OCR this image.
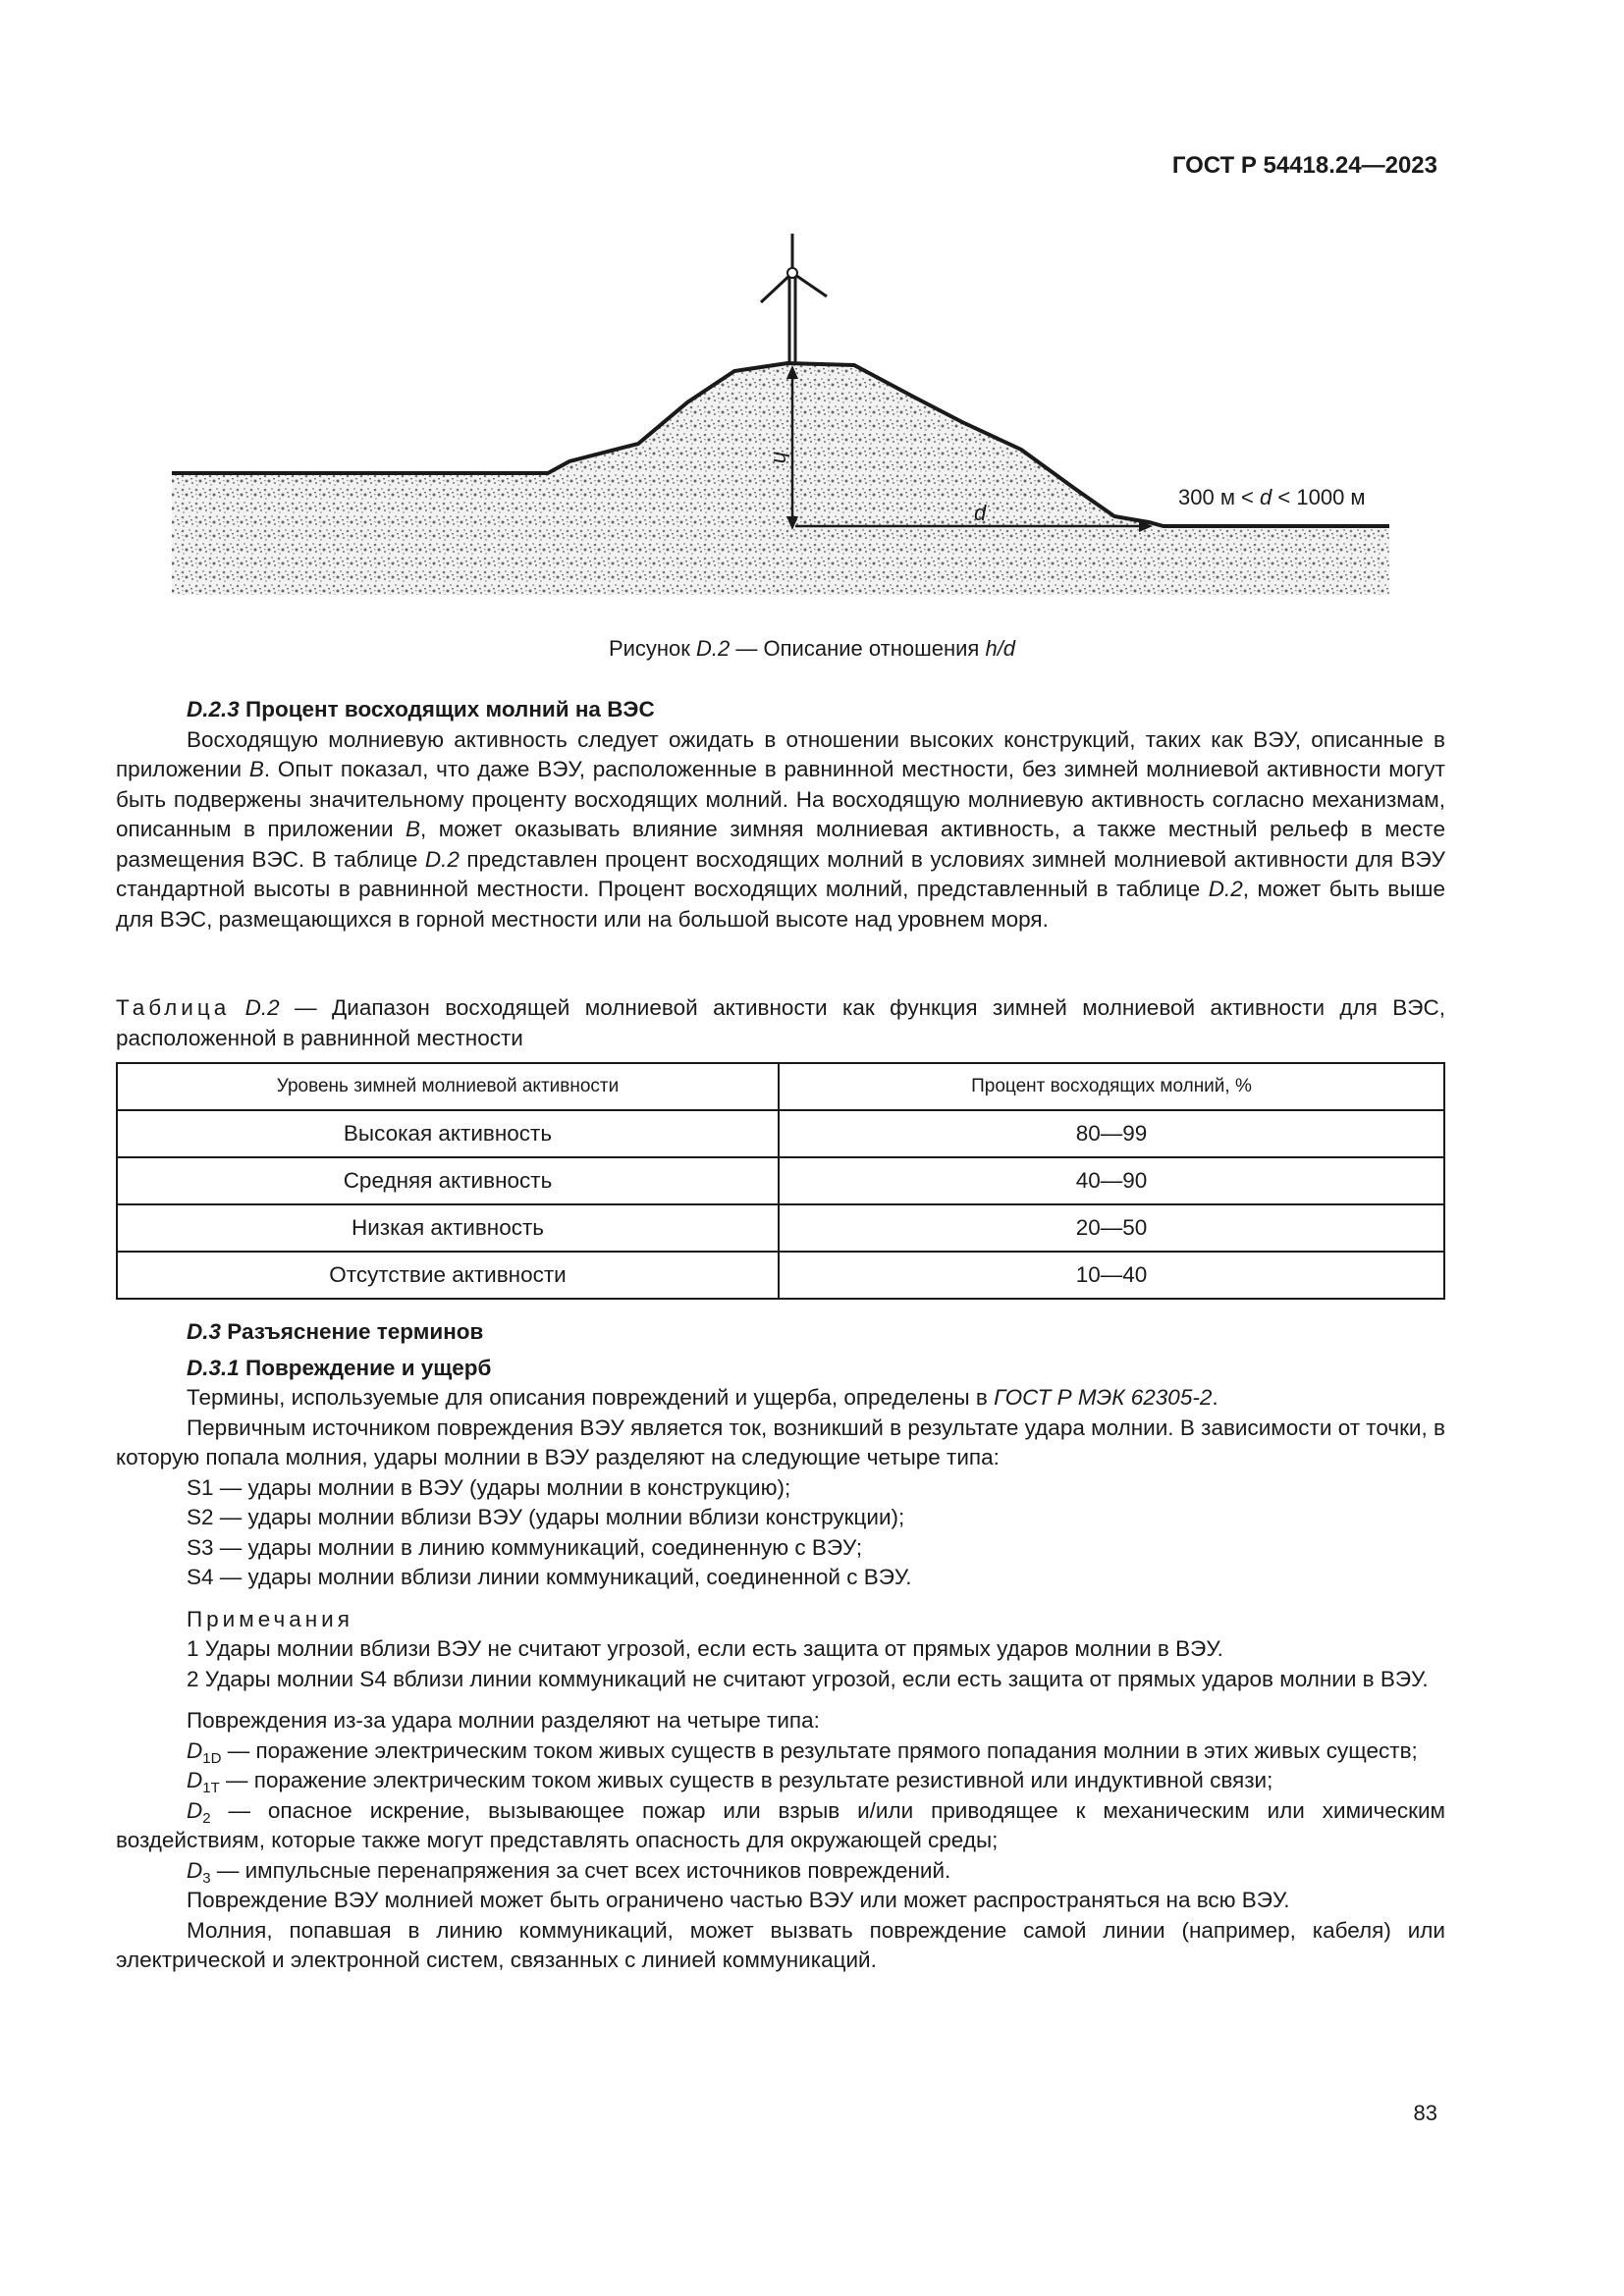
ГОСТ Р 54418.24—2023
h
d
300 м < d < 1000 м
Рисунок D.2 — Описание отношения h/d

D.2.3 Процент восходящих молний на ВЭС

Восходящую молниевую активность следует ожидать в отношении высоких конструкций, таких как ВЭУ, описанные в приложении В. Опыт показал, что даже ВЭУ, расположенные в равнинной местности, без зимней молниевой активности могут быть подвержены значительному проценту восходящих молний. На восходящую молниевую активность согласно механизмам, описанным в приложении В, может оказывать влияние зимняя молниевая активность, а также местный рельеф в месте размещения ВЭС. В таблице D.2 представлен процент восходящих молний в условиях зимней молниевой активности для ВЭУ стандартной высоты в равнинной местности. Процент восходящих молний, представленный в таблице D.2, может быть выше для ВЭС, размещающихся в горной местности или на большой высоте над уровнем моря.

Таблица D.2 — Диапазон восходящей молниевой активности как функция зимней молниевой активности для ВЭС, расположенной в равнинной местности

Уровень зимней молниевой активности	Процент восходящих молний, %
Высокая активность	80—99
Средняя активность	40—90
Низкая активность	20—50
Отсутствие активности	10—40

D.3 Разъяснение терминов

D.3.1 Повреждение и ущерб

Термины, используемые для описания повреждений и ущерба, определены в ГОСТ Р МЭК 62305-2.

Первичным источником повреждения ВЭУ является ток, возникший в результате удара молнии. В зависимости от точки, в которую попала молния, удары молнии в ВЭУ разделяют на следующие четыре типа:

S1 — удары молнии в ВЭУ (удары молнии в конструкцию);

S2 — удары молнии вблизи ВЭУ (удары молнии вблизи конструкции);

S3 — удары молнии в линию коммуникаций, соединенную с ВЭУ;

S4 — удары молнии вблизи линии коммуникаций, соединенной с ВЭУ.

Примечания

1 Удары молнии вблизи ВЭУ не считают угрозой, если есть защита от прямых ударов молнии в ВЭУ.

2 Удары молнии S4 вблизи линии коммуникаций не считают угрозой, если есть защита от прямых ударов молнии в ВЭУ.

Повреждения из-за удара молнии разделяют на четыре типа:

$D_{1D}$ — поражение электрическим током живых существ в результате прямого попадания молнии в этих живых существ;

$D_{1T}$ — поражение электрическим током живых существ в результате резистивной или индуктивной связи;

$D_2$ — опасное искрение, вызывающее пожар или взрыв и/или приводящее к механическим или химическим воздействиям, которые также могут представлять опасность для окружающей среды;

$D_3$ — импульсные перенапряжения за счет всех источников повреждений.

Повреждение ВЭУ молнией может быть ограничено частью ВЭУ или может распространяться на всю ВЭУ.

Молния, попавшая в линию коммуникаций, может вызвать повреждение самой линии (например, кабеля) или электрической и электронной систем, связанных с линией коммуникаций.

83
